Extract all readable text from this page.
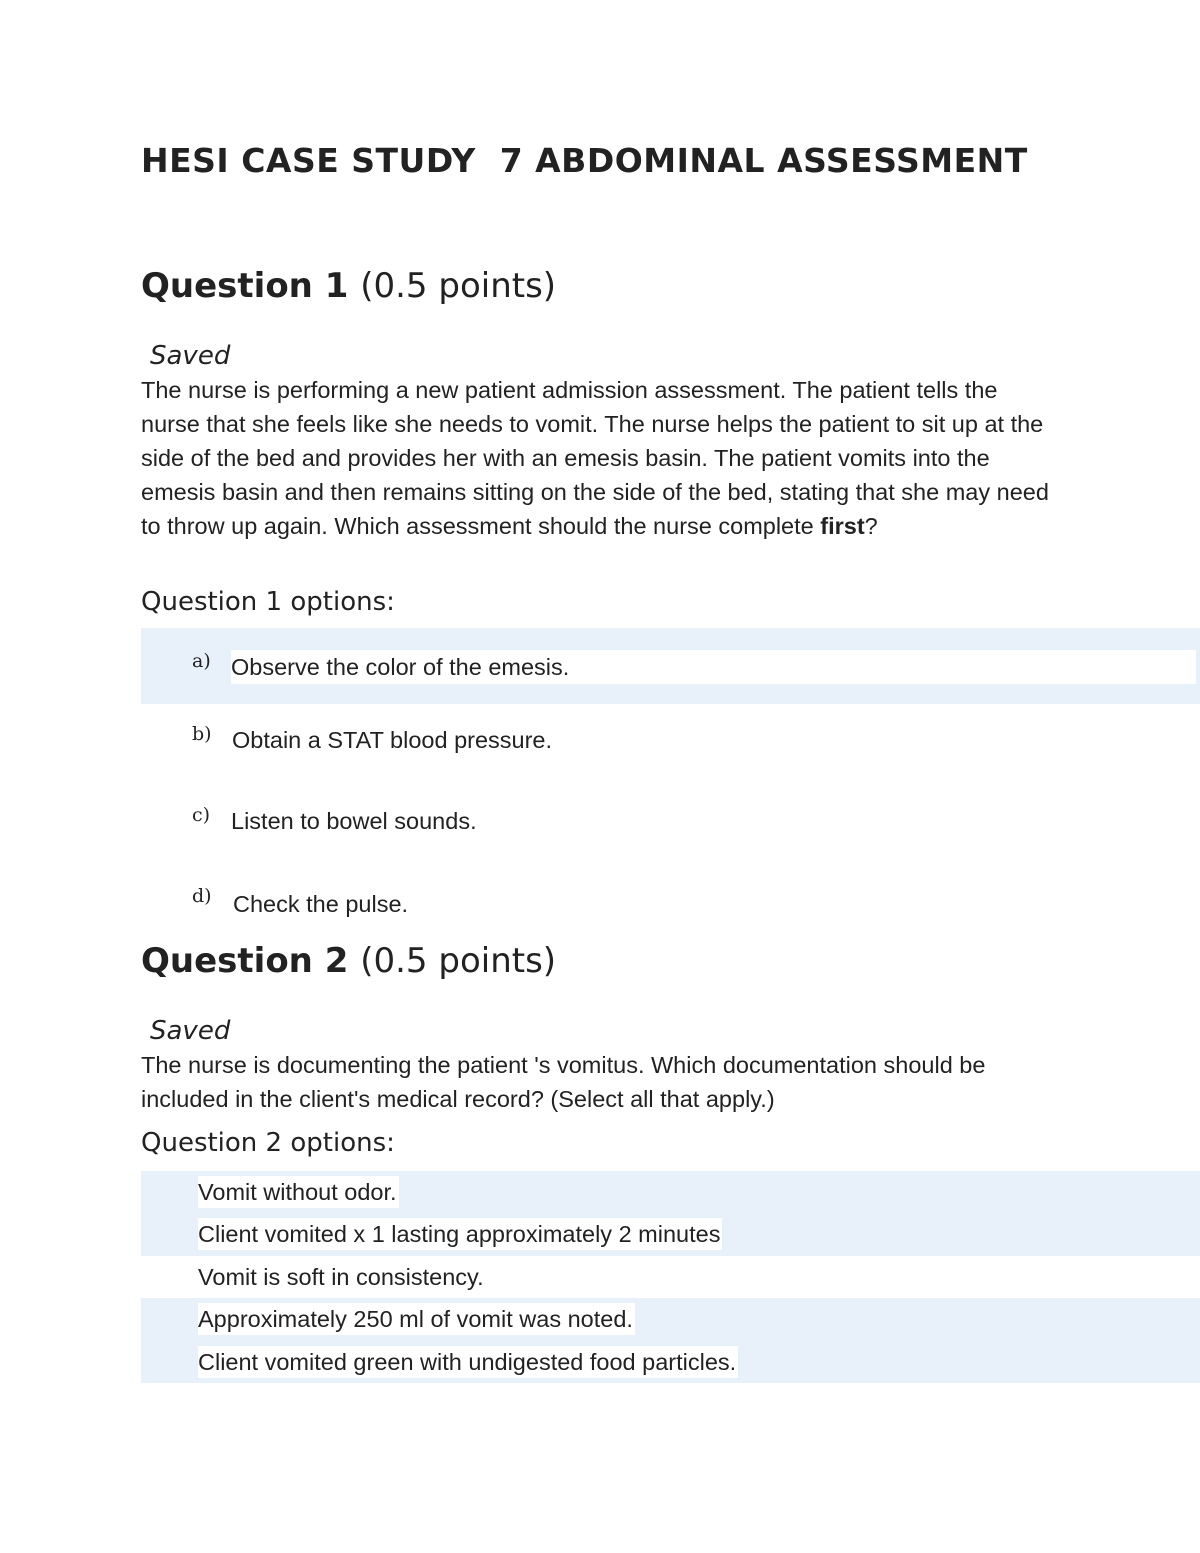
HESI CASE STUDY  7 ABDOMINAL ASSESSMENT
Question 1 (0.5 points)
Saved

The nurse is performing a new patient admission assessment. The patient tells the nurse that she feels like she needs to vomit. The nurse helps the patient to sit up at the side of the bed and provides her with an emesis basin. The patient vomits into the emesis basin and then remains sitting on the side of the bed, stating that she may need to throw up again. Which assessment should the nurse complete first?

Question 1 options:
a) Observe the color of the emesis.
b) Obtain a STAT blood pressure.
c) Listen to bowel sounds.
d) Check the pulse.
Question 2 (0.5 points)
Saved

The nurse is documenting the patient 's vomitus. Which documentation should be included in the client's medical record? (Select all that apply.)

Question 2 options:
Vomit without odor.
Client vomited x 1 lasting approximately 2 minutes
Vomit is soft in consistency.
Approximately 250 ml of vomit was noted.
Client vomited green with undigested food particles.
